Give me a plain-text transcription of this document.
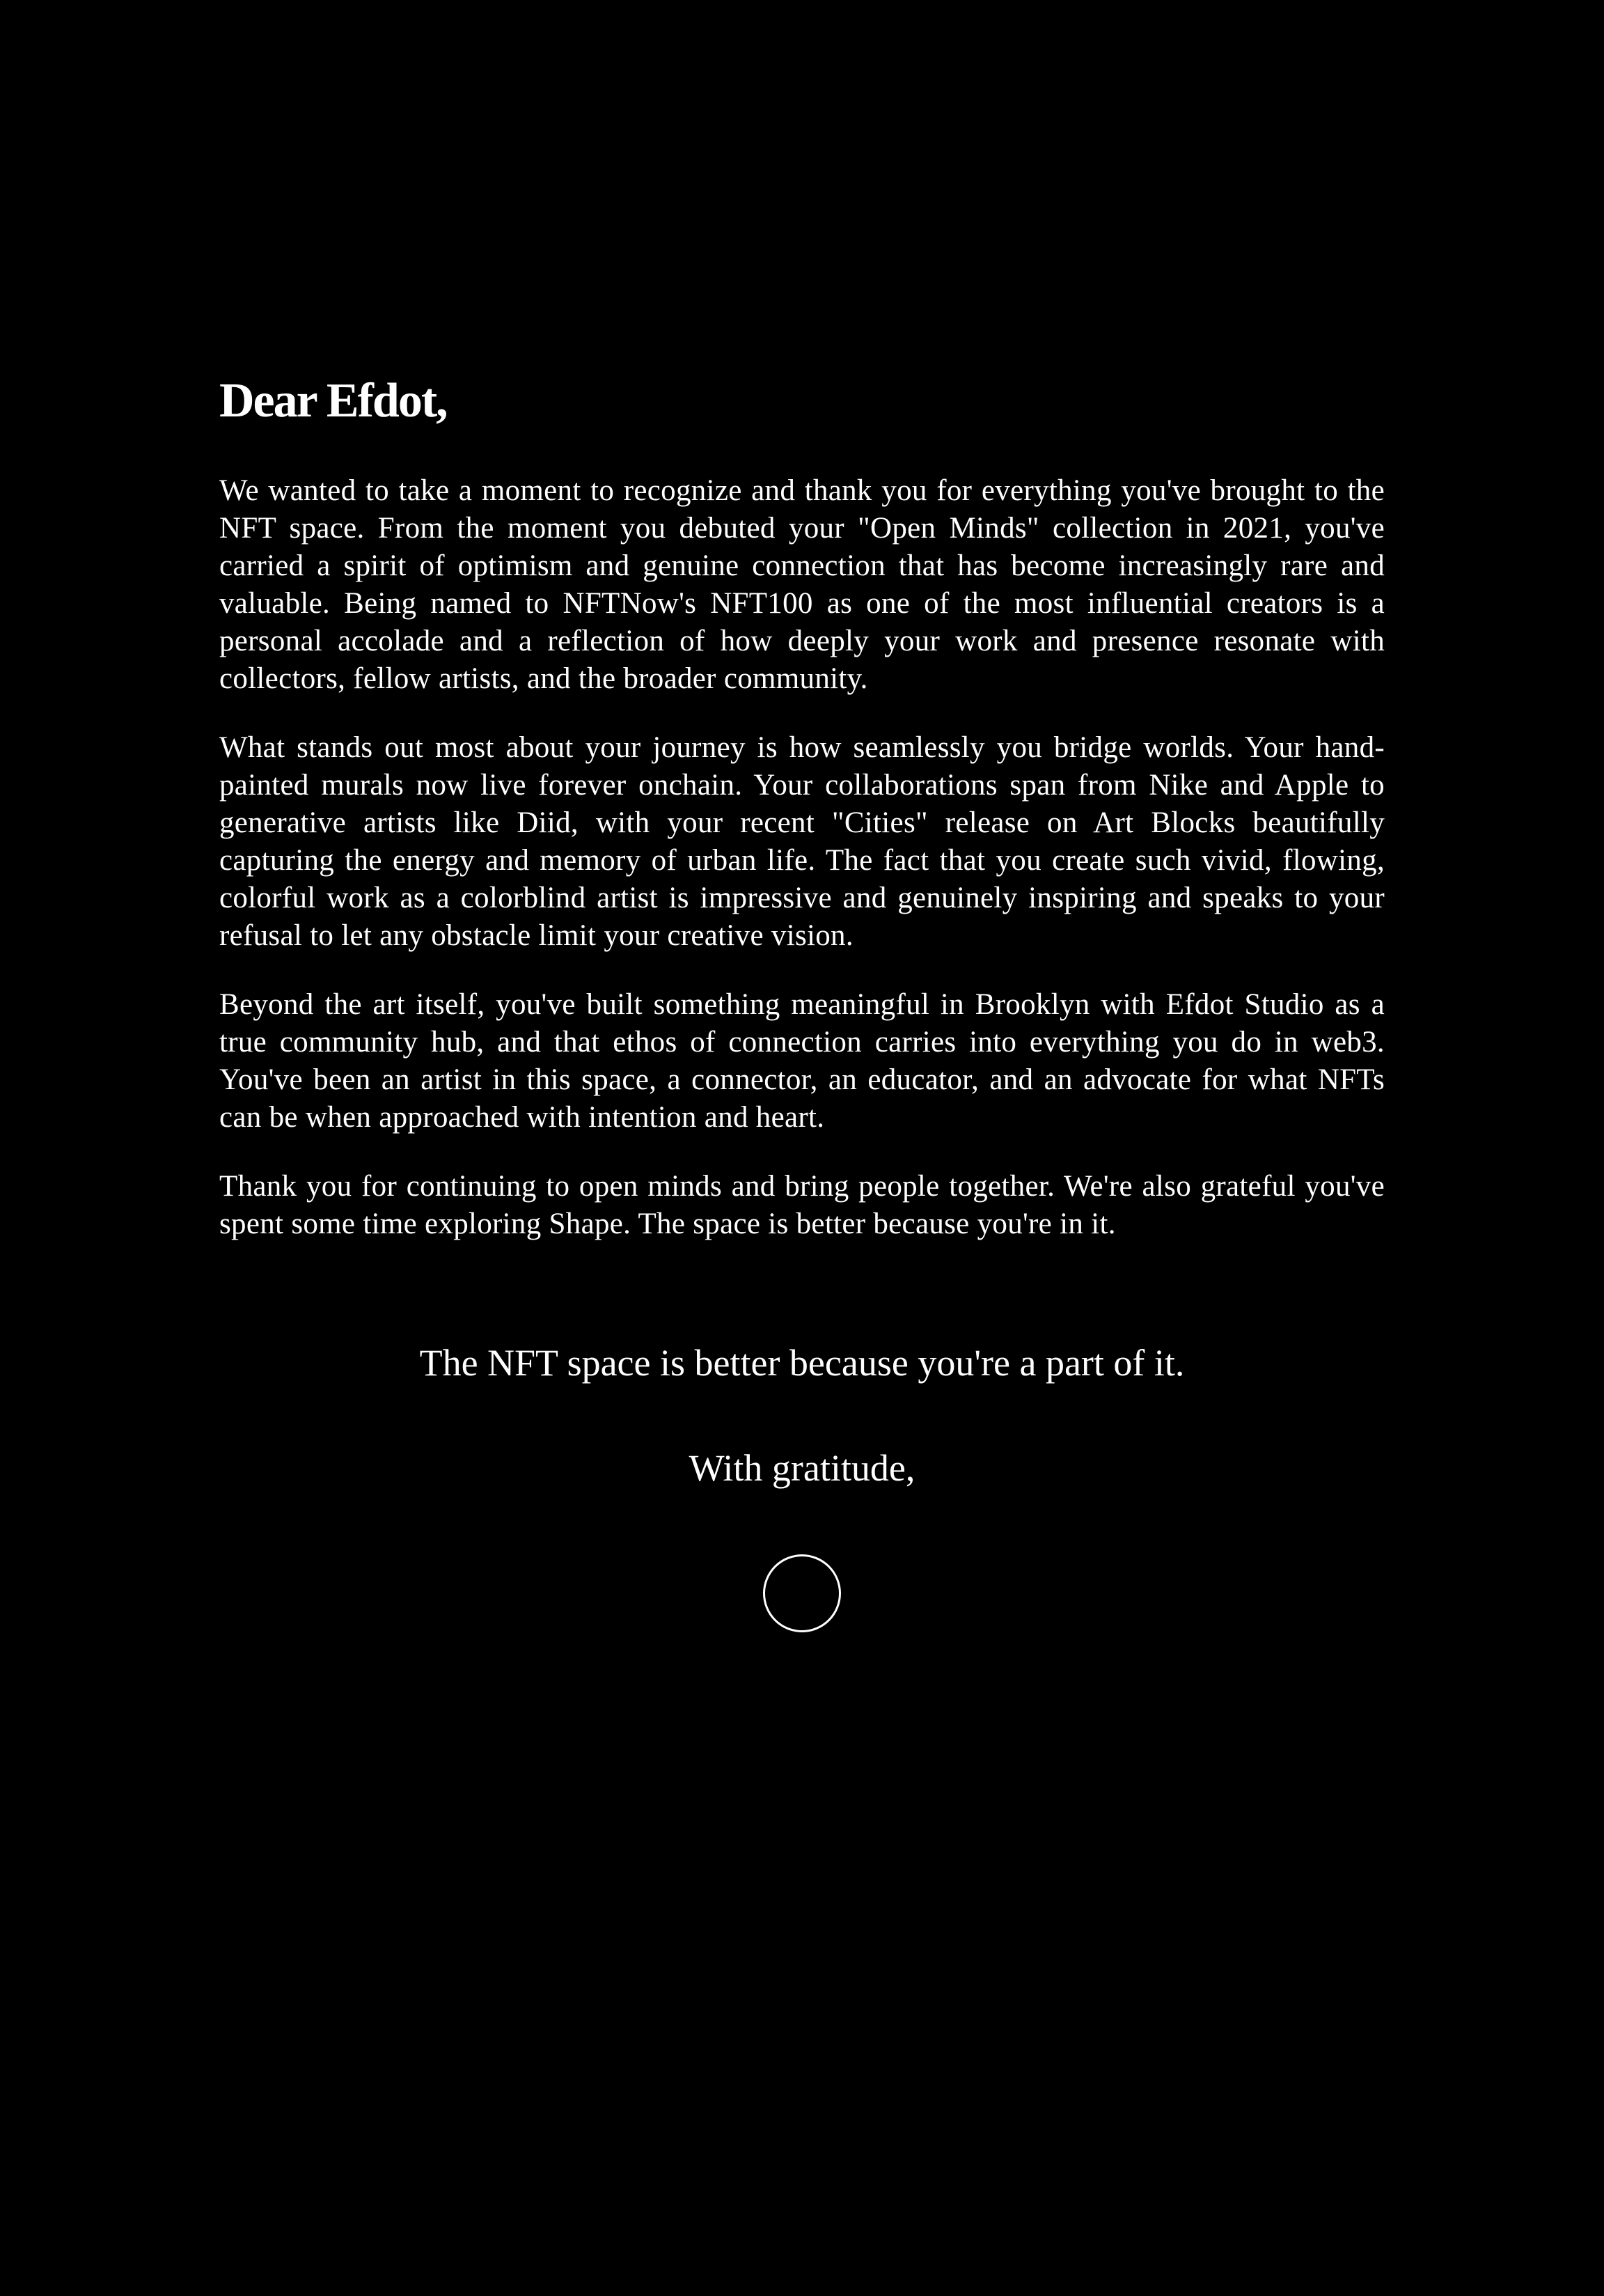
Dear Efdot,

We wanted to take a moment to recognize and thank you for everything you've brought to the NFT space. From the moment you debuted your "Open Minds" collection in 2021, you've carried a spirit of optimism and genuine connection that has become increasingly rare and valuable. Being named to NFTNow's NFT100 as one of the most influential creators is a personal accolade and a reflection of how deeply your work and presence resonate with collectors, fellow artists, and the broader community.

What stands out most about your journey is how seamlessly you bridge worlds. Your hand-painted murals now live forever onchain. Your collaborations span from Nike and Apple to generative artists like Diid, with your recent "Cities" release on Art Blocks beautifully capturing the energy and memory of urban life. The fact that you create such vivid, flowing, colorful work as a colorblind artist is impressive and genuinely inspiring and speaks to your refusal to let any obstacle limit your creative vision.

Beyond the art itself, you've built something meaningful in Brooklyn with Efdot Studio as a true community hub, and that ethos of connection carries into everything you do in web3. You've been an artist in this space, a connector, an educator, and an advocate for what NFTs can be when approached with intention and heart.

Thank you for continuing to open minds and bring people together. We're also grateful you've spent some time exploring Shape. The space is better because you're in it.

The NFT space is better because you're a part of it.
With gratitude,
